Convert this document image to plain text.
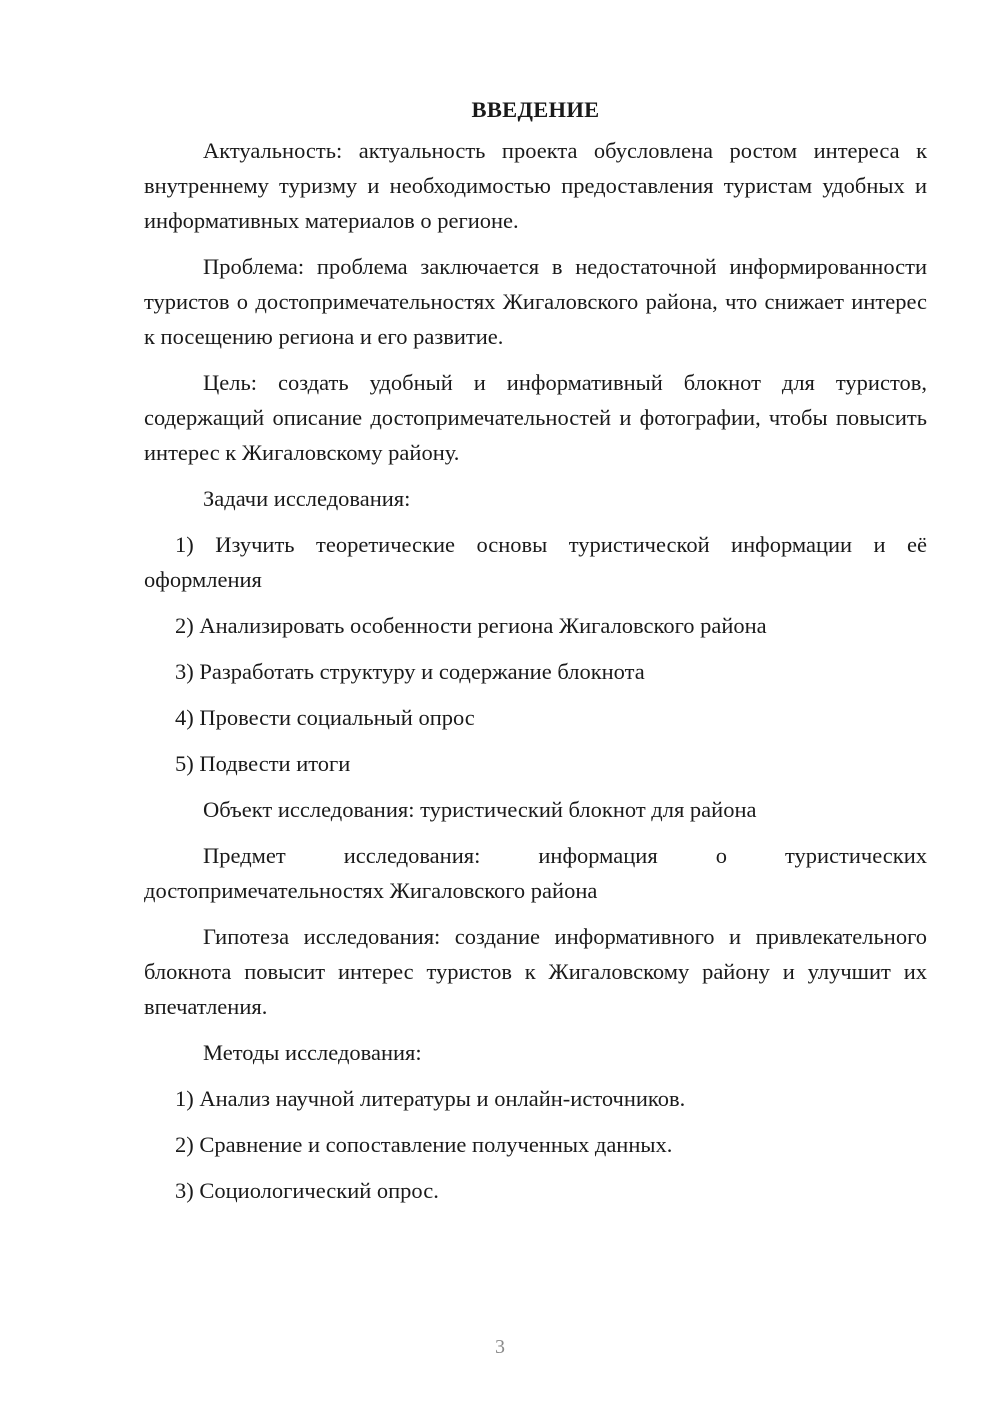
ВВЕДЕНИЕ

Актуальность: актуальность проекта обусловлена ростом интереса к внутреннему туризму и необходимостью предоставления туристам удобных и информативных материалов о регионе.

Проблема: проблема заключается в недостаточной информированности туристов о достопримечательностях Жигаловского района, что снижает интерес к посещению региона и его развитие.

Цель: создать удобный и информативный блокнот для туристов, содержащий описание достопримечательностей и фотографии, чтобы повысить интерес к Жигаловскому району.

Задачи исследования:

1) Изучить теоретические основы туристической информации и её оформления

2) Анализировать особенности региона Жигаловского района

3) Разработать структуру и содержание блокнота

4) Провести социальный опрос

5) Подвести итоги

Объект исследования: туристический блокнот для района

Предмет исследования: информация о туристических достопримечательностях Жигаловского района

Гипотеза исследования: создание информативного и привлекательного блокнота повысит интерес туристов к Жигаловскому району и улучшит их впечатления.

Методы исследования:

1) Анализ научной литературы и онлайн-источников.

2) Сравнение и сопоставление полученных данных.

3) Социологический опрос.

3
